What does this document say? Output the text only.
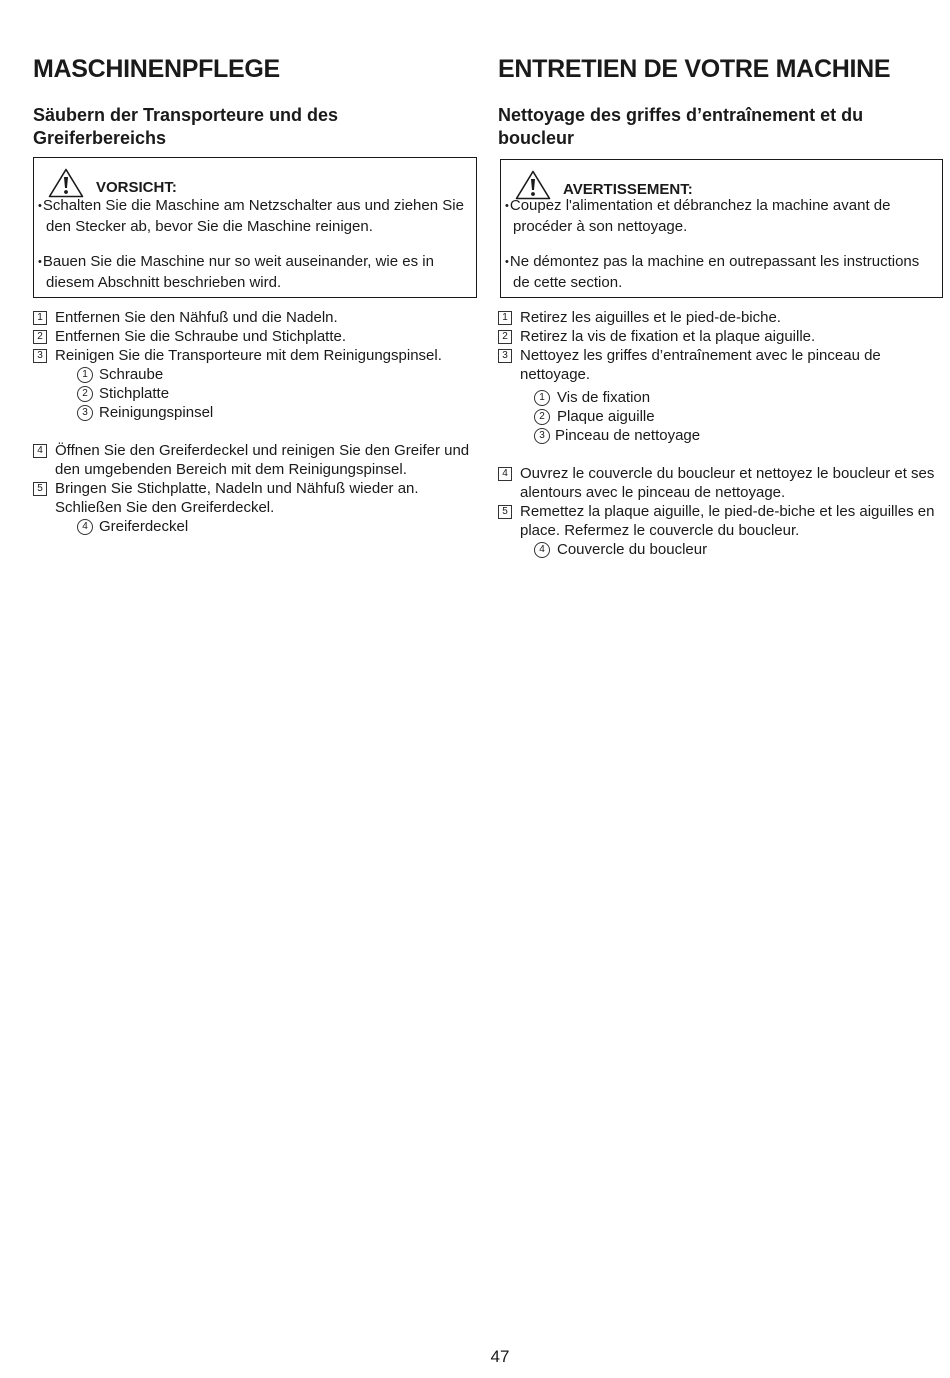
MASCHINENPFLEGE
Säubern der Transporteure und des Greiferbereichs
VORSICHT:
•Schalten Sie die Maschine am Netzschalter aus und ziehen Sie den Stecker ab, bevor Sie die Maschine reinigen.
•Bauen Sie die Maschine nur so weit auseinander, wie es in diesem Abschnitt beschrieben wird.
1 Entfernen Sie den Nähfuß und die Nadeln.
2 Entfernen Sie die Schraube und Stichplatte.
3 Reinigen Sie die Transporteure mit dem Reinigungspinsel.
1 Schraube
2 Stichplatte
3 Reinigungspinsel
4 Öffnen Sie den Greiferdeckel und reinigen Sie den Greifer und den umgebenden Bereich mit dem Reinigungspinsel.
5 Bringen Sie Stichplatte, Nadeln und Nähfuß wieder an. Schließen Sie den Greiferdeckel.
4 Greiferdeckel
ENTRETIEN DE VOTRE MACHINE
Nettoyage des griffes d’entraînement et du boucleur
AVERTISSEMENT:
•Coupez l'alimentation et débranchez la machine avant de procéder à son nettoyage.
•Ne démontez pas la machine en outrepassant les instructions de cette section.
1 Retirez les aiguilles et le pied-de-biche.
2 Retirez la vis de fixation et la plaque aiguille.
3 Nettoyez les griffes d’entraînement avec le pinceau de nettoyage.
1 Vis de fixation
2 Plaque aiguille
3 Pinceau de nettoyage
4 Ouvrez le couvercle du boucleur et nettoyez le boucleur et ses alentours avec le pinceau de nettoyage.
5 Remettez la plaque aiguille, le pied-de-biche et les aiguilles en place. Refermez le couvercle du boucleur.
4 Couvercle du boucleur
47
